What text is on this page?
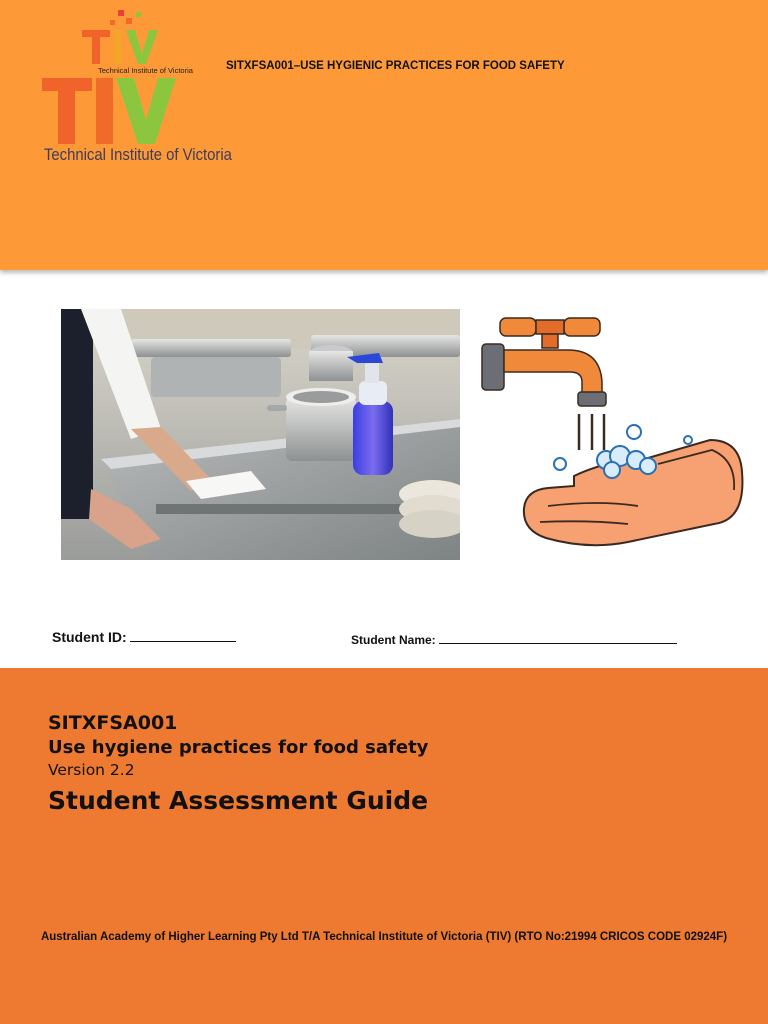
Technical Institute of Victoria
Technical Institute of Victoria
SITXFSA001–USE HYGIENIC PRACTICES FOR FOOD SAFETY
Student ID:	Student Name:
SITXFSA001
Use hygiene practices for food safety
Version 2.2
Student Assessment Guide
Australian Academy of Higher Learning Pty Ltd T/A Technical Institute of Victoria (TIV) (RTO No:21994 CRICOS CODE 02924F)
